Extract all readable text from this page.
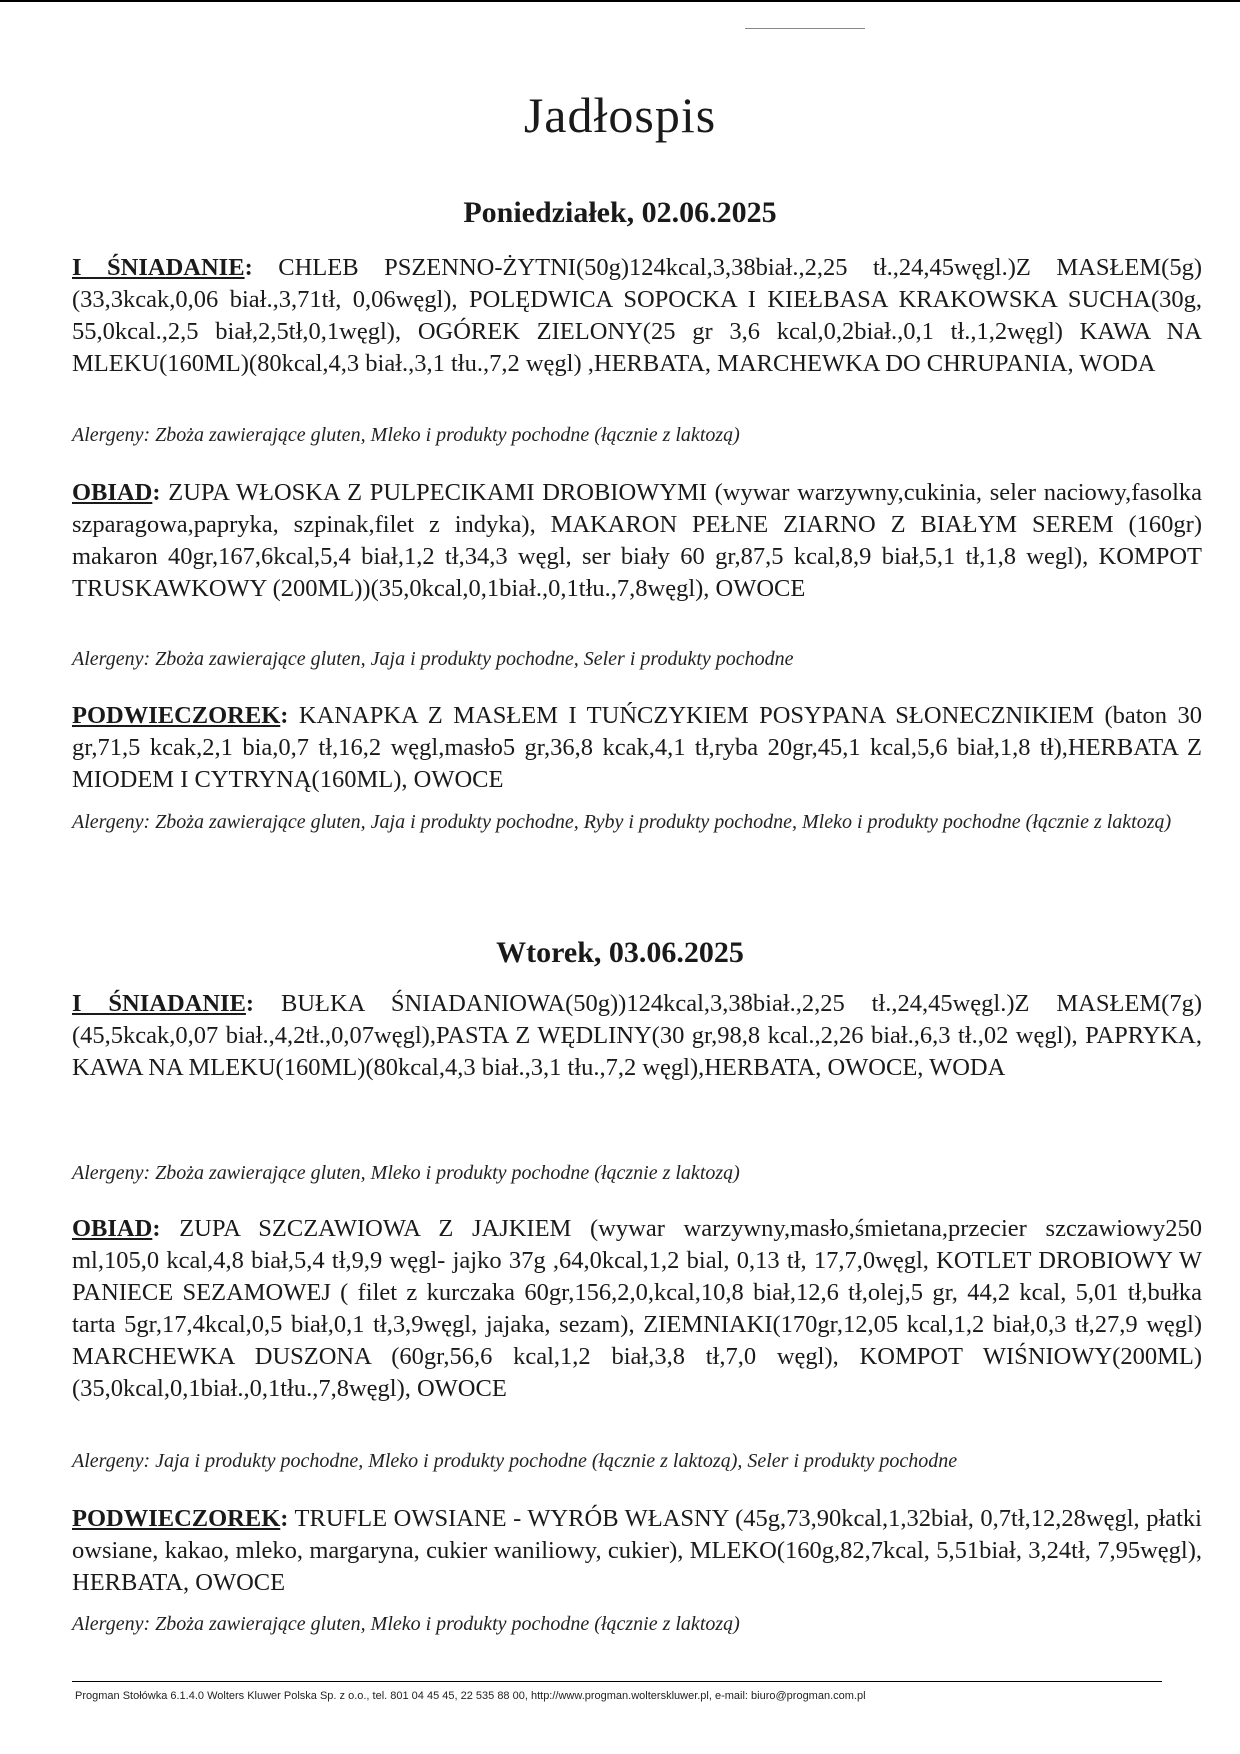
Jadłospis
Poniedziałek, 02.06.2025

I ŚNIADANIE: CHLEB PSZENNO-ŻYTNI(50g)124kcal,3,38biał.,2,25 tł.,24,45węgl.)Z MASŁEM(5g)(33,3kcak,0,06 biał.,3,71tł, 0,06węgl), POLĘDWICA SOPOCKA I KIEŁBASA KRAKOWSKA SUCHA(30g, 55,0kcal.,2,5 biał,2,5tł,0,1węgl), OGÓREK ZIELONY(25 gr 3,6 kcal,0,2biał.,0,1 tł.,1,2węgl) KAWA NA MLEKU(160ML)(80kcal,4,3 biał.,3,1 tłu.,7,2 węgl) ,HERBATA, MARCHEWKA DO CHRUPANIA, WODA

Alergeny: Zboża zawierające gluten, Mleko i produkty pochodne (łącznie z laktozą)

OBIAD: ZUPA WŁOSKA Z PULPECIKAMI DROBIOWYMI (wywar warzywny,cukinia, seler naciowy,fasolka szparagowa,papryka, szpinak,filet z indyka), MAKARON PEŁNE ZIARNO Z BIAŁYM SEREM (160gr) makaron 40gr,167,6kcal,5,4 biał,1,2 tł,34,3 węgl, ser biały 60 gr,87,5 kcal,8,9 biał,5,1 tł,1,8 wegl), KOMPOT TRUSKAWKOWY (200ML))(35,0kcal,0,1biał.,0,1tłu.,7,8węgl), OWOCE

Alergeny: Zboża zawierające gluten, Jaja i produkty pochodne, Seler i produkty pochodne

PODWIECZOREK: KANAPKA Z MASŁEM I TUŃCZYKIEM POSYPANA SŁONECZNIKIEM (baton 30 gr,71,5 kcak,2,1 bia,0,7 tł,16,2 węgl,masło5 gr,36,8 kcak,4,1 tł,ryba 20gr,45,1 kcal,5,6 biał,1,8 tł),HERBATA Z MIODEM I CYTRYNĄ(160ML), OWOCE

Alergeny: Zboża zawierające gluten, Jaja i produkty pochodne, Ryby i produkty pochodne, Mleko i produkty pochodne (łącznie z laktozą)

Wtorek, 03.06.2025

I ŚNIADANIE: BUŁKA ŚNIADANIOWA(50g))124kcal,3,38biał.,2,25 tł.,24,45węgl.)Z MASŁEM(7g)(45,5kcak,0,07 biał.,4,2tł.,0,07węgl),PASTA Z WĘDLINY(30 gr,98,8 kcal.,2,26 biał.,6,3 tł.,02 węgl), PAPRYKA, KAWA NA MLEKU(160ML)(80kcal,4,3 biał.,3,1 tłu.,7,2 węgl),HERBATA, OWOCE, WODA

Alergeny: Zboża zawierające gluten, Mleko i produkty pochodne (łącznie z laktozą)

OBIAD: ZUPA SZCZAWIOWA Z JAJKIEM (wywar warzywny,masło,śmietana,przecier szczawiowy250 ml,105,0 kcal,4,8 biał,5,4 tł,9,9 węgl- jajko 37g ,64,0kcal,1,2 bial, 0,13 tł, 17,7,0węgl, KOTLET DROBIOWY W PANIECE SEZAMOWEJ ( filet z kurczaka 60gr,156,2,0,kcal,10,8 biał,12,6 tł,olej,5 gr, 44,2 kcal, 5,01 tł,bułka tarta 5gr,17,4kcal,0,5 biał,0,1 tł,3,9węgl, jajaka, sezam), ZIEMNIAKI(170gr,12,05 kcal,1,2 biał,0,3 tł,27,9 węgl) MARCHEWKA DUSZONA (60gr,56,6 kcal,1,2 biał,3,8 tł,7,0 węgl), KOMPOT WIŚNIOWY(200ML)(35,0kcal,0,1biał.,0,1tłu.,7,8węgl), OWOCE

Alergeny: Jaja i produkty pochodne, Mleko i produkty pochodne (łącznie z laktozą), Seler i produkty pochodne

PODWIECZOREK: TRUFLE OWSIANE - WYRÓB WŁASNY (45g,73,90kcal,1,32biał, 0,7tł,12,28węgl, płatki owsiane, kakao, mleko, margaryna, cukier waniliowy, cukier), MLEKO(160g,82,7kcal, 5,51biał, 3,24tł, 7,95węgl), HERBATA, OWOCE

Alergeny: Zboża zawierające gluten, Mleko i produkty pochodne (łącznie z laktozą)

Progman Stołówka 6.1.4.0 Wolters Kluwer Polska Sp. z o.o., tel. 801 04 45 45, 22 535 88 00, http://www.progman.wolterskluwer.pl, e-mail: biuro@progman.com.pl
